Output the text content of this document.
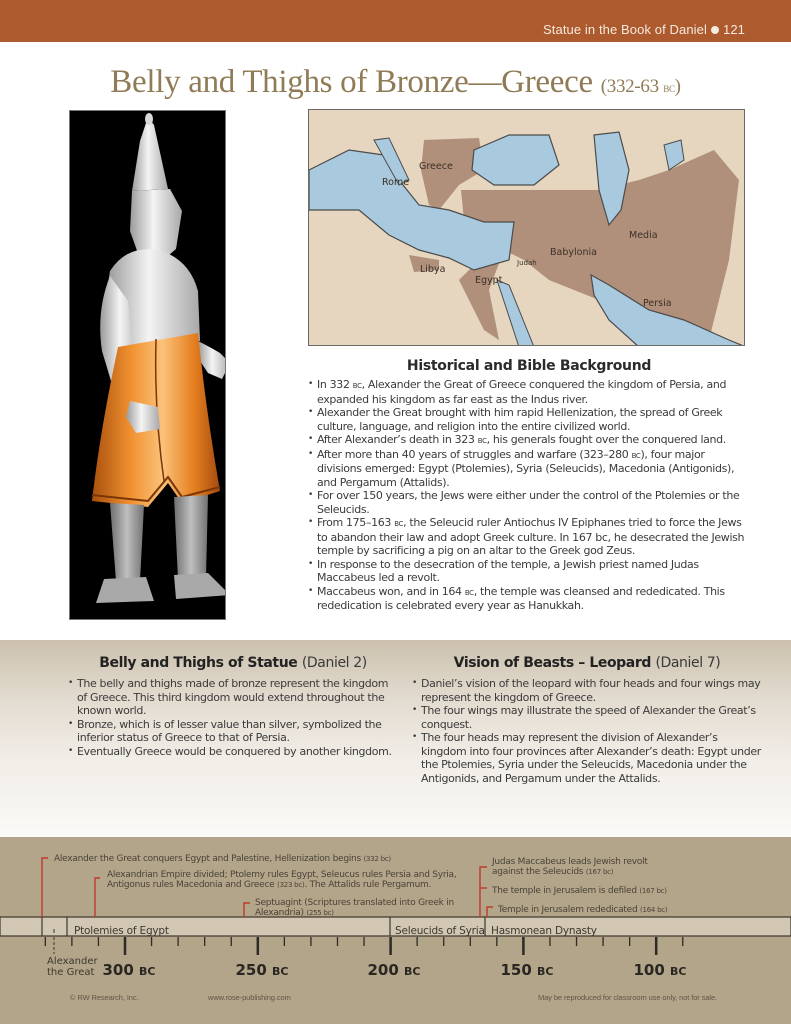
Statue in the Book of Daniel 121
Belly and Thighs of Bronze—Greece (332-63 bc)
Greece
Rome
Media
Babylonia
Judah
Libya
Egypt
Persia
Historical and Bible Background
• In 332 bc, Alexander the Great of Greece conquered the kingdom of Persia, and expanded his kingdom as far east as the Indus river.
• Alexander the Great brought with him rapid Hellenization, the spread of Greek culture, language, and religion into the entire civilized world.
• After Alexander’s death in 323 bc, his generals fought over the conquered land.
• After more than 40 years of struggles and warfare (323–280 bc), four major divisions emerged: Egypt (Ptolemies), Syria (Seleucids), Macedonia (Antigonids), and Pergamum (Attalids).
• For over 150 years, the Jews were either under the control of the Ptolemies or the Seleucids.
• From 175–163 bc, the Seleucid ruler Antiochus IV Epiphanes tried to force the Jews to abandon their law and adopt Greek culture. In 167 bc, he desecrated the Jewish temple by sacrificing a pig on an altar to the Greek god Zeus.
• In response to the desecration of the temple, a Jewish priest named Judas Maccabeus led a revolt.
• Maccabeus won, and in 164 bc, the temple was cleansed and rededicated. This rededication is celebrated every year as Hanukkah.
Belly and Thighs of Statue (Daniel 2)
• The belly and thighs made of bronze represent the kingdom of Greece. This third kingdom would extend throughout the known world.
• Bronze, which is of lesser value than silver, symbolized the inferior status of Greece to that of Persia.
• Eventually Greece would be conquered by another kingdom.
Vision of Beasts – Leopard (Daniel 7)
• Daniel’s vision of the leopard with four heads and four wings may represent the kingdom of Greece.
• The four wings may illustrate the speed of Alexander the Great’s conquest.
• The four heads may represent the division of Alexander’s kingdom into four provinces after Alexander’s death: Egypt under the Ptolemies, Syria under the Seleucids, Macedonia under the Antigonids, and Pergamum under the Attalids.
Alexander the Great conquers Egypt and Palestine, Hellenization begins (332 bc)
Alexandrian Empire divided; Ptolemy rules Egypt, Seleucus rules Persia and Syria,
Antigonus rules Macedonia and Greece (323 bc). The Attalids rule Pergamum.
Septuagint (Scriptures translated into Greek in
Alexandria) (255 bc)
Judas Maccabeus leads Jewish revolt
against the Seleucids (167 bc)
The temple in Jerusalem is defiled (167 bc)
Temple in Jerusalem rededicated (164 bc)
Ptolemies of Egypt	Seleucids of Syria Hasmonean Dynasty
Alexander
the Great 300 BC	250 BC	200 BC	150 BC	100 BC
© RW Research, Inc.	www.rose-publishing.com	May be reproduced for classroom use only, not for sale.
